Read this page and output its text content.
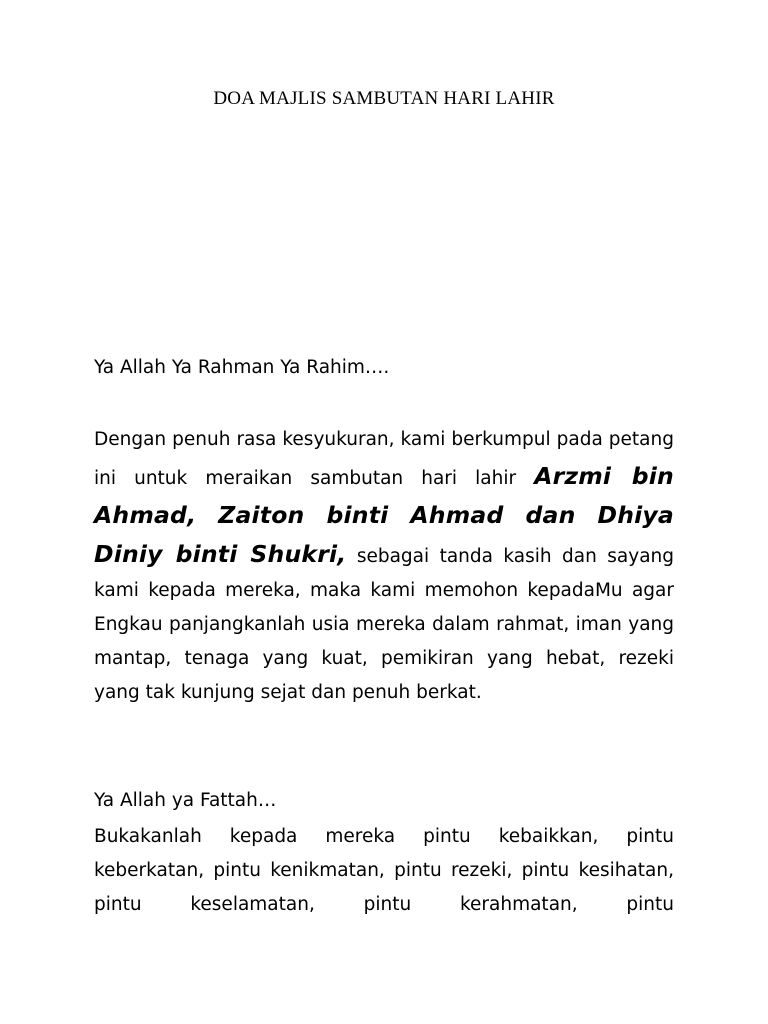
DOA MAJLIS SAMBUTAN HARI LAHIR
Ya Allah Ya Rahman Ya Rahim….
Dengan penuh rasa kesyukuran, kami berkumpul pada petang ini untuk meraikan sambutan hari lahir Arzmi bin Ahmad, Zaiton binti Ahmad dan Dhiya Diniy binti Shukri, sebagai tanda kasih dan sayang kami kepada mereka, maka kami memohon kepadaMu agar Engkau panjangkanlah usia mereka dalam rahmat, iman yang mantap, tenaga yang kuat, pemikiran yang hebat, rezeki yang tak kunjung sejat dan penuh berkat.
Ya Allah ya Fattah…
Bukakanlah kepada mereka pintu kebaikkan, pintu keberkatan, pintu kenikmatan, pintu rezeki, pintu kesihatan, pintu keselamatan, pintu kerahmatan, pintu
